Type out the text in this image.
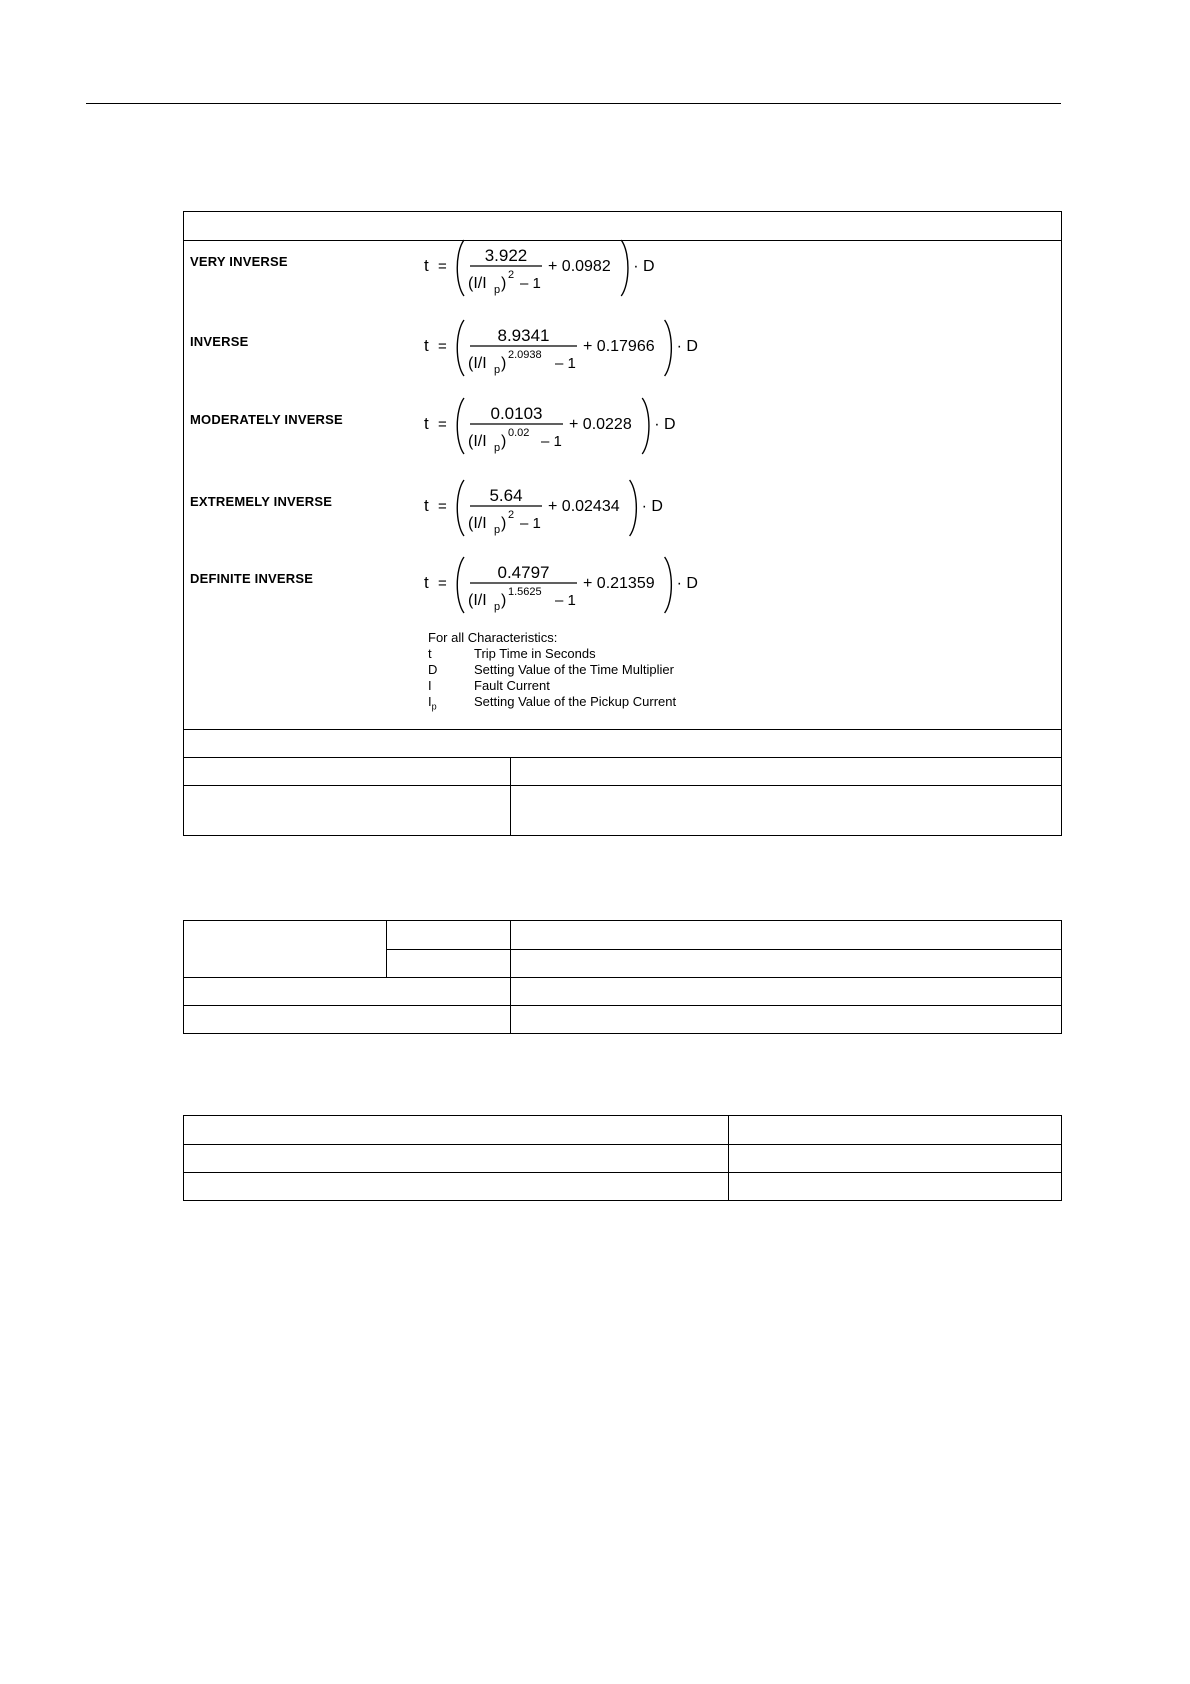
VERY INVERSE	t =
3.922
(I/I p ) 2 – 1
+ 0.0982 · D
INVERSE	t =
8.9341
(I/I p ) 2.0938 – 1
+ 0.17966 · D
MODERATELY INVERSE	t =
0.0103
(I/I p ) 0.02 – 1
+ 0.0228 · D
EXTREMELY INVERSE	t =
5.64
(I/I p ) 2 – 1
+ 0.02434 · D
DEFINITE INVERSE	t =
0.4797
(I/I p ) 1.5625 – 1
+ 0.21359 · D
For all Characteristics:
t	Trip Time in Seconds
D	Setting Value of the Time Multiplier
I	Fault Current
$I_p$	Setting Value of the Pickup Current
